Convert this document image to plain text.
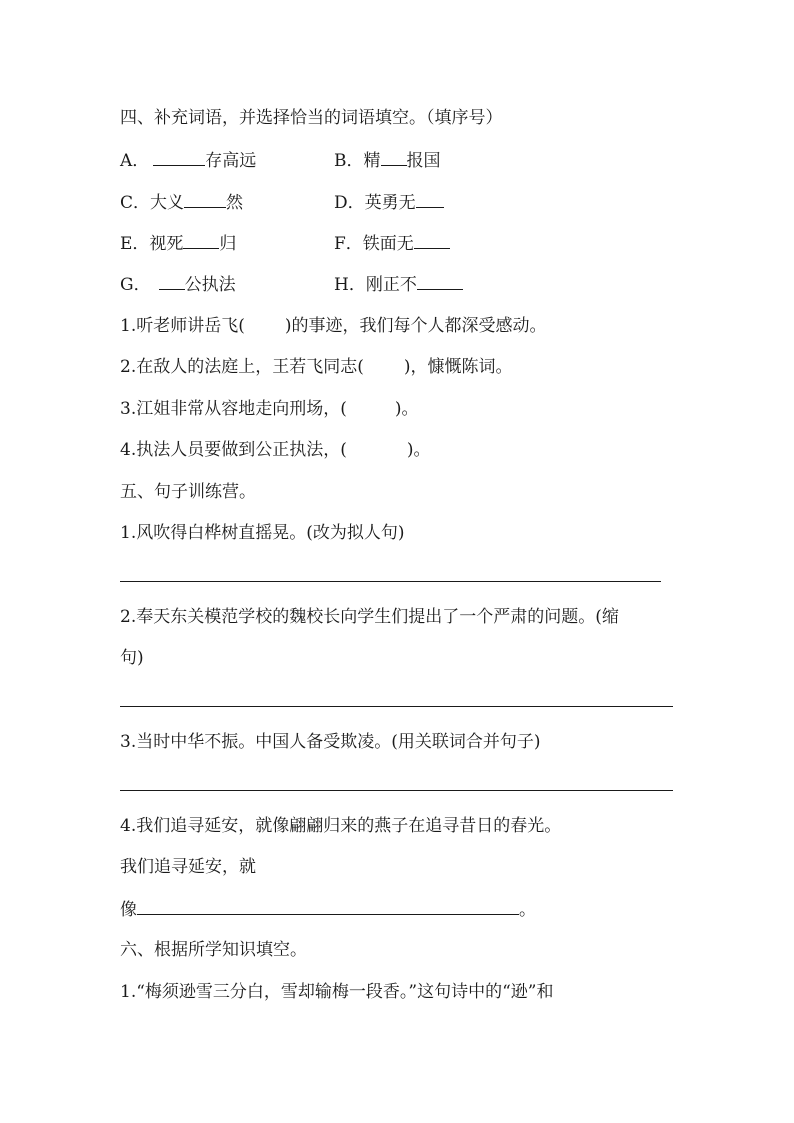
四、补充词语，并选择恰当的词语填空。（填序号）
A．	存高远	B．精 报国
C．大义 然	D．英勇无
E．视死 归	F．铁面无
G． 公执法	H．刚正不
1.听老师讲岳飞( )的事迹，我们每个人都深受感动。
2.在敌人的法庭上，王若飞同志( )，慷慨陈词。
3.江姐非常从容地走向刑场，(	)。
4.执法人员要做到公正执法，(	)。
五、句子训练营。
1.风吹得白桦树直摇晃。(改为拟人句)
2.奉天东关模范学校的魏校长向学生们提出了一个严肃的问题。(缩
句)
3.当时中华不振。中国人备受欺凌。(用关联词合并句子)
4.我们追寻延安，就像翩翩归来的燕子在追寻昔日的春光。
我们追寻延安，就
像	。
六、根据所学知识填空。
1.“梅须逊雪三分白，雪却输梅一段香。”这句诗中的“逊”和
